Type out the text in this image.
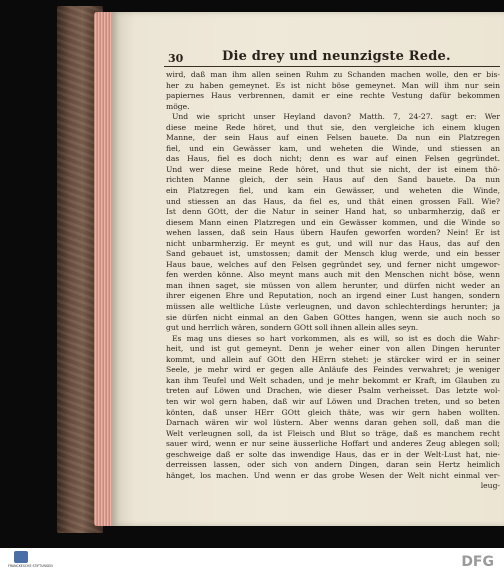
30	Die drey und neunzigste Rede.
wird, daß man ihm allen seinen Ruhm zu Schanden machen wolle, den er bis-
her zu haben gemeynet. Es ist nicht böse gemeynet. Man will ihm nur sein
papiernes Haus verbrennen, damit er eine rechte Vestung dafür bekommen
möge.
Und wie spricht unser Heyland davon? Matth. 7, 24-27. sagt er: Wer
diese meine Rede höret, und thut sie, den vergleiche ich einem klugen
Manne, der sein Haus auf einen Felsen bauete. Da nun ein Platzregen
fiel, und ein Gewässer kam, und weheten die Winde, und stiessen an
das Haus, fiel es doch nicht; denn es war auf einen Felsen gegründet.
Und wer diese meine Rede höret, und thut sie nicht, der ist einem thö-
richten Manne gleich, der sein Haus auf den Sand bauete. Da nun
ein Platzregen fiel, und kam ein Gewässer, und weheten die Winde,
und stiessen an das Haus, da fiel es, und thät einen grossen Fall. Wie?
Ist denn GOtt, der die Natur in seiner Hand hat, so unbarmherzig, daß er
diesem Mann einen Platzregen und ein Gewässer kommen, und die Winde so
wehen lassen, daß sein Haus übern Haufen geworfen worden? Nein! Er ist
nicht unbarmherzig. Er meynt es gut, und will nur das Haus, das auf den
Sand gebauet ist, umstossen; damit der Mensch klug werde, und ein besser
Haus baue, welches auf den Felsen gegründet sey, und ferner nicht umgewor-
fen werden könne. Also meynt mans auch mit den Menschen nicht böse, wenn
man ihnen saget, sie müssen von allem herunter, und dürfen nicht weder an
ihrer eigenen Ehre und Reputation, noch an irgend einer Lust hangen, sondern
müssen alle weltliche Lüste verleugnen, und davon schlechterdings herunter; ja
sie dürfen nicht einmal an den Gaben GOttes hangen, wenn sie auch noch so
gut und herrlich wären, sondern GOtt soll ihnen allein alles seyn.
Es mag uns dieses so hart vorkommen, als es will, so ist es doch die Wahr-
heit, und ist gut gemeynt. Denn je weher einer von allen Dingen herunter
kommt, und allein auf GOtt den HErrn stehet: je stärcker wird er in seiner
Seele, je mehr wird er gegen alle Anläufe des Feindes verwahret; je weniger
kan ihm Teufel und Welt schaden, und je mehr bekommt er Kraft, im Glauben zu
treten auf Löwen und Drachen, wie dieser Psalm verheisset. Das letzte wol-
ten wir wol gern haben, daß wir auf Löwen und Drachen treten, und so beten
könten, daß unser HErr GOtt gleich thäte, was wir gern haben wollten.
Darnach wären wir wol lüstern. Aber wenns daran gehen soll, daß man die
Welt verleugnen soll, da ist Fleisch und Blut so träge, daß es manchem recht
sauer wird, wenn er nur seine äusserliche Hoffart und anderes Zeug ablegen soll;
geschweige daß er solte das inwendige Haus, das er in der Welt-Lust hat, nie-
derreissen lassen, oder sich von andern Dingen, daran sein Hertz heimlich
hänget, los machen. Und wenn er das grobe Wesen der Welt nicht einmal ver-
leug-
FRANCKESCHE STIFTUNGEN	DFG
